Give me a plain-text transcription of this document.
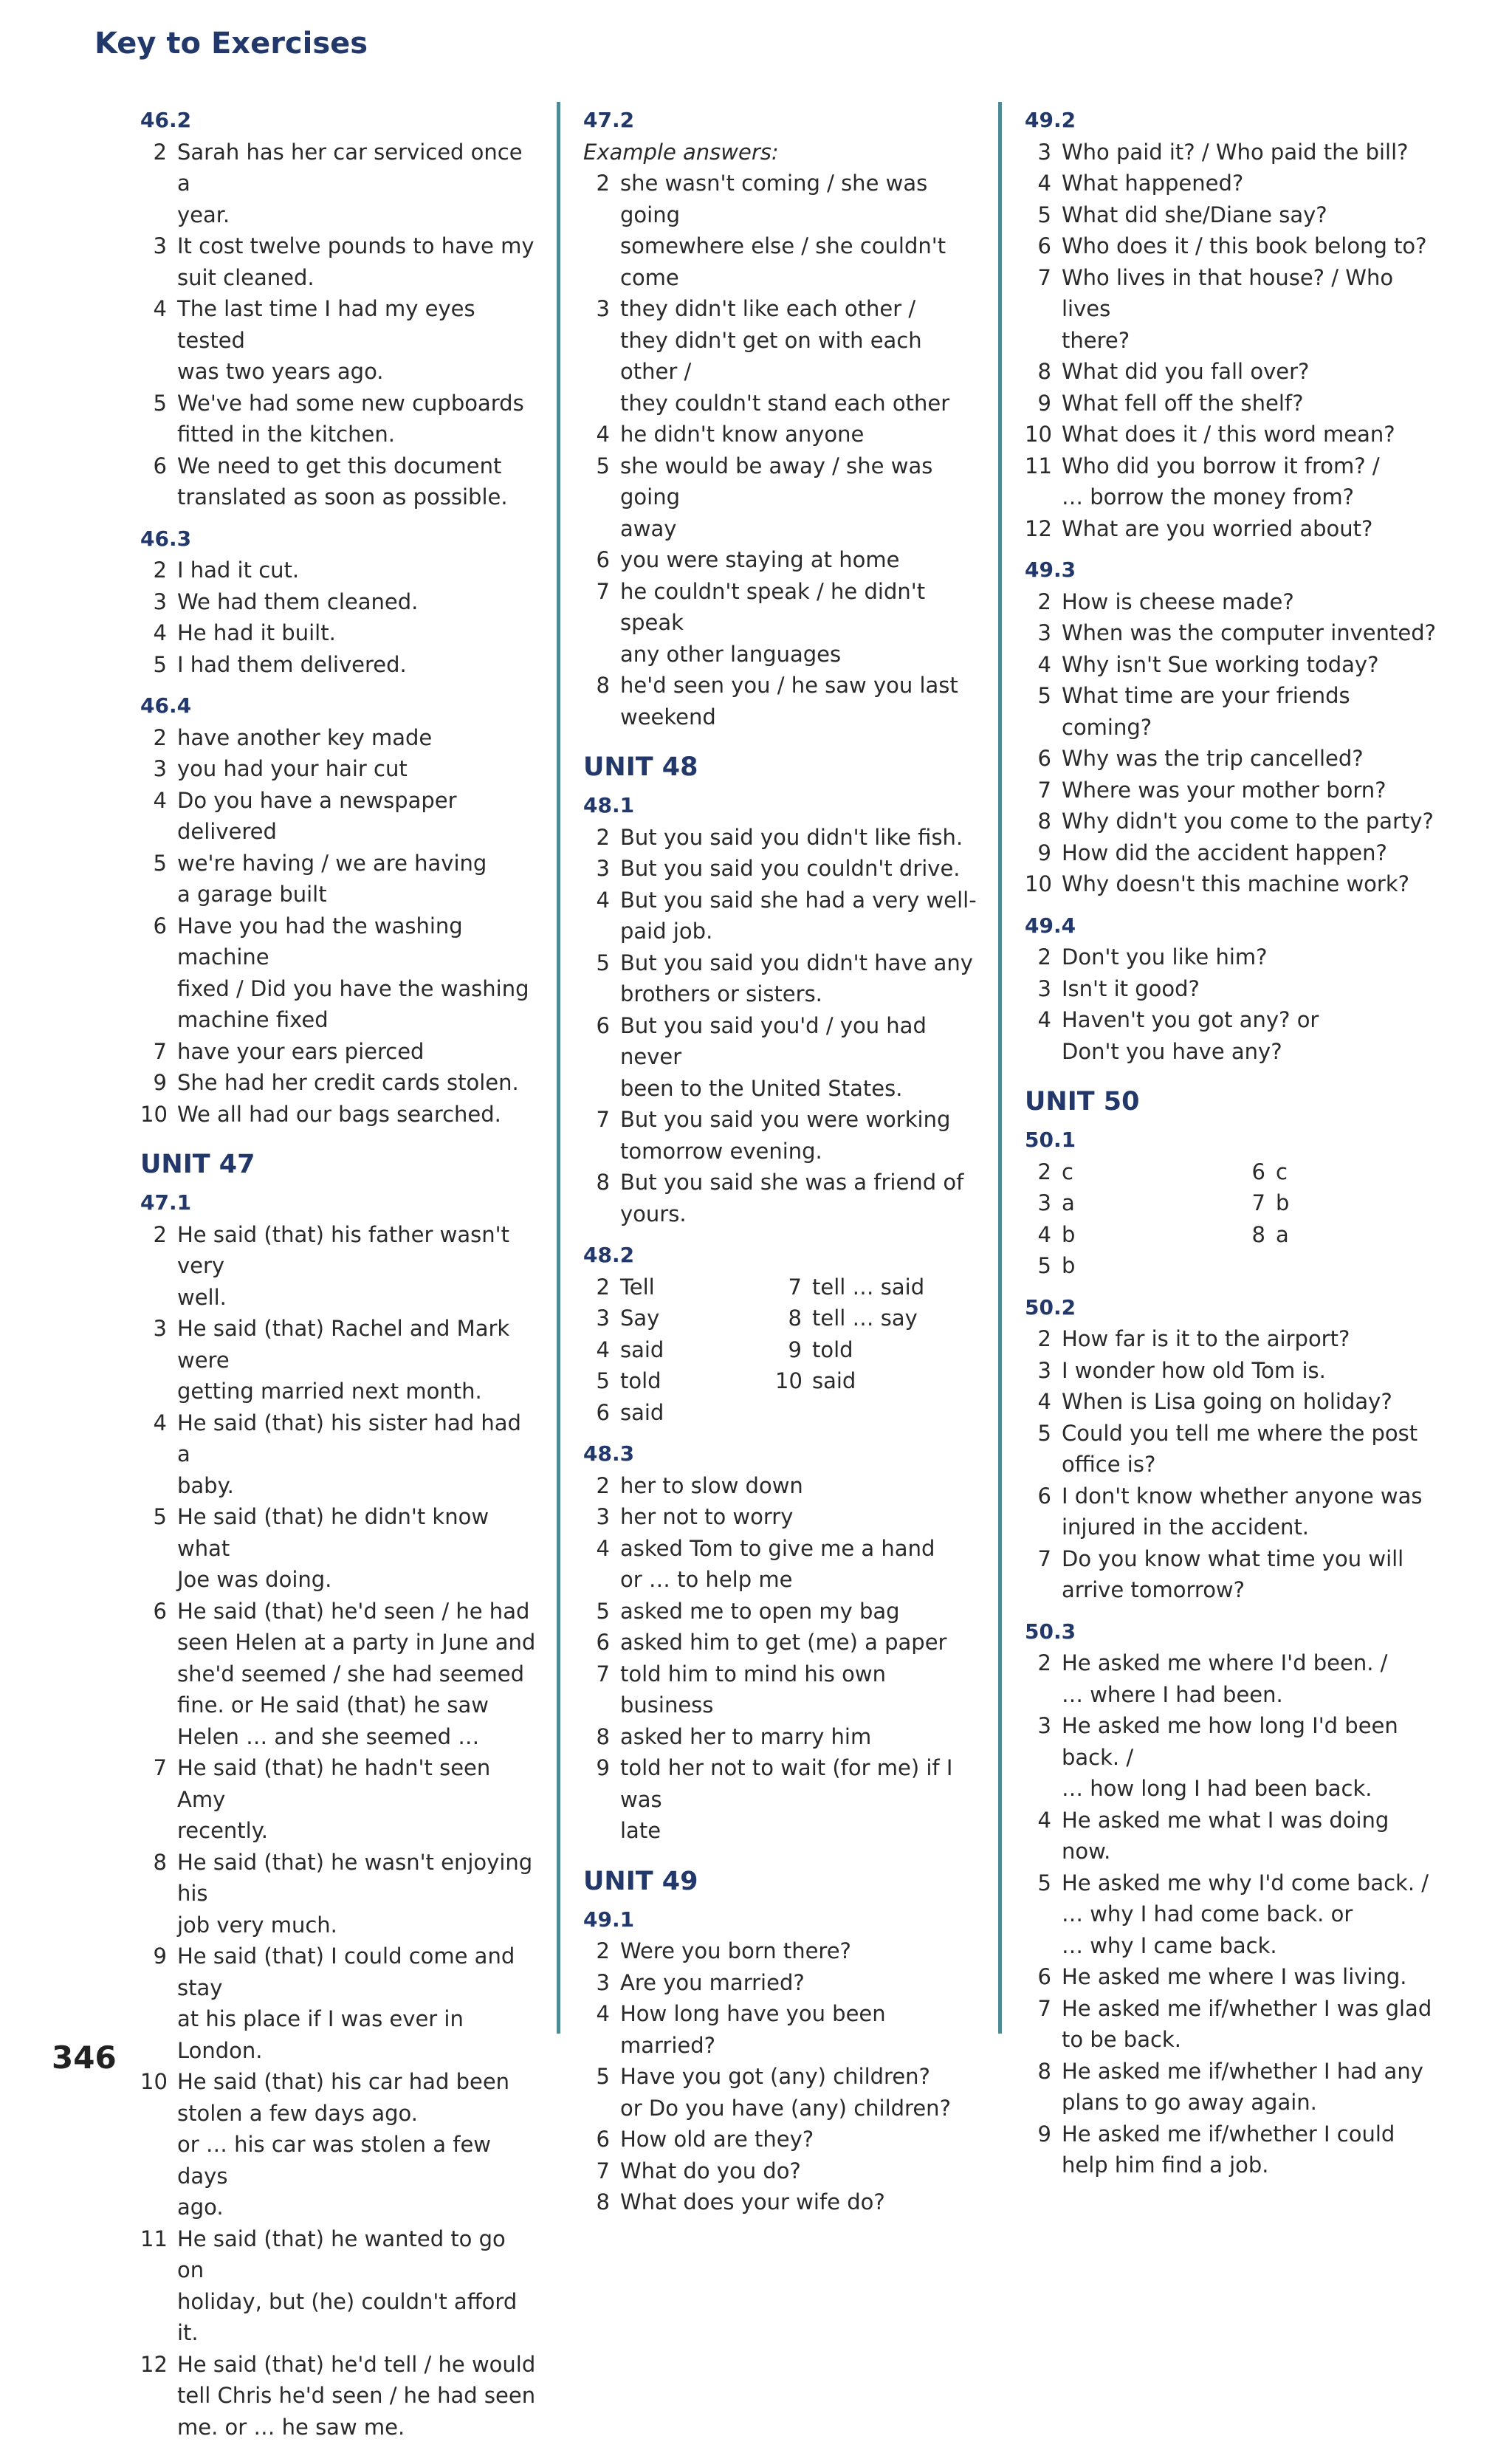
Key to Exercises
46.2
2 Sarah has her car serviced once a
year.
3 It cost twelve pounds to have my
suit cleaned.
4 The last time I had my eyes tested
was two years ago.
5 We've had some new cupboards
fitted in the kitchen.
6 We need to get this document
translated as soon as possible.
46.3
2 I had it cut.
3 We had them cleaned.
4 He had it built.
5 I had them delivered.
46.4
2 have another key made
3 you had your hair cut
4 Do you have a newspaper delivered
5 we're having / we are having
a garage built
6 Have you had the washing machine
fixed / Did you have the washing
machine fixed
7 have your ears pierced
9 She had her credit cards stolen.
10 We all had our bags searched.
UNIT 47
47.1
2 He said (that) his father wasn't very
well.
3 He said (that) Rachel and Mark were
getting married next month.
4 He said (that) his sister had had a
baby.
5 He said (that) he didn't know what
Joe was doing.
6 He said (that) he'd seen / he had
seen Helen at a party in June and
she'd seemed / she had seemed
fine. or He said (that) he saw
Helen … and she seemed …
7 He said (that) he hadn't seen Amy
recently.
8 He said (that) he wasn't enjoying his
job very much.
9 He said (that) I could come and stay
at his place if I was ever in London.
10 He said (that) his car had been
stolen a few days ago.
or … his car was stolen a few days
ago.
11 He said (that) he wanted to go on
holiday, but (he) couldn't afford it.
12 He said (that) he'd tell / he would
tell Chris he'd seen / he had seen
me. or … he saw me.
47.2
Example answers:
2 she wasn't coming / she was going
somewhere else / she couldn't come
3 they didn't like each other /
they didn't get on with each other /
they couldn't stand each other
4 he didn't know anyone
5 she would be away / she was going
away
6 you were staying at home
7 he couldn't speak / he didn't speak
any other languages
8 he'd seen you / he saw you last
weekend
UNIT 48
48.1
2 But you said you didn't like fish.
3 But you said you couldn't drive.
4 But you said she had a very well-
paid job.
5 But you said you didn't have any
brothers or sisters.
6 But you said you'd / you had never
been to the United States.
7 But you said you were working
tomorrow evening.
8 But you said she was a friend of
yours.
48.2
2 Tell
3 Say
4 said
5 told
6 said
7 tell … said
8 tell … say
9 told
10 said
48.3
2 her to slow down
3 her not to worry
4 asked Tom to give me a hand
or … to help me
5 asked me to open my bag
6 asked him to get (me) a paper
7 told him to mind his own business
8 asked her to marry him
9 told her not to wait (for me) if I was
late
UNIT 49
49.1
2 Were you born there?
3 Are you married?
4 How long have you been married?
5 Have you got (any) children?
or Do you have (any) children?
6 How old are they?
7 What do you do?
8 What does your wife do?
49.2
3 Who paid it? / Who paid the bill?
4 What happened?
5 What did she/Diane say?
6 Who does it / this book belong to?
7 Who lives in that house? / Who lives
there?
8 What did you fall over?
9 What fell off the shelf?
10 What does it / this word mean?
11 Who did you borrow it from? /
… borrow the money from?
12 What are you worried about?
49.3
2 How is cheese made?
3 When was the computer invented?
4 Why isn't Sue working today?
5 What time are your friends coming?
6 Why was the trip cancelled?
7 Where was your mother born?
8 Why didn't you come to the party?
9 How did the accident happen?
10 Why doesn't this machine work?
49.4
2 Don't you like him?
3 Isn't it good?
4 Haven't you got any? or
Don't you have any?
UNIT 50
50.1
2 c
3 a
4 b
5 b
6 c
7 b
8 a
50.2
2 How far is it to the airport?
3 I wonder how old Tom is.
4 When is Lisa going on holiday?
5 Could you tell me where the post
office is?
6 I don't know whether anyone was
injured in the accident.
7 Do you know what time you will
arrive tomorrow?
50.3
2 He asked me where I'd been. /
… where I had been.
3 He asked me how long I'd been back. /
… how long I had been back.
4 He asked me what I was doing now.
5 He asked me why I'd come back. /
… why I had come back. or
… why I came back.
6 He asked me where I was living.
7 He asked me if/whether I was glad
to be back.
8 He asked me if/whether I had any
plans to go away again.
9 He asked me if/whether I could
help him find a job.
346
